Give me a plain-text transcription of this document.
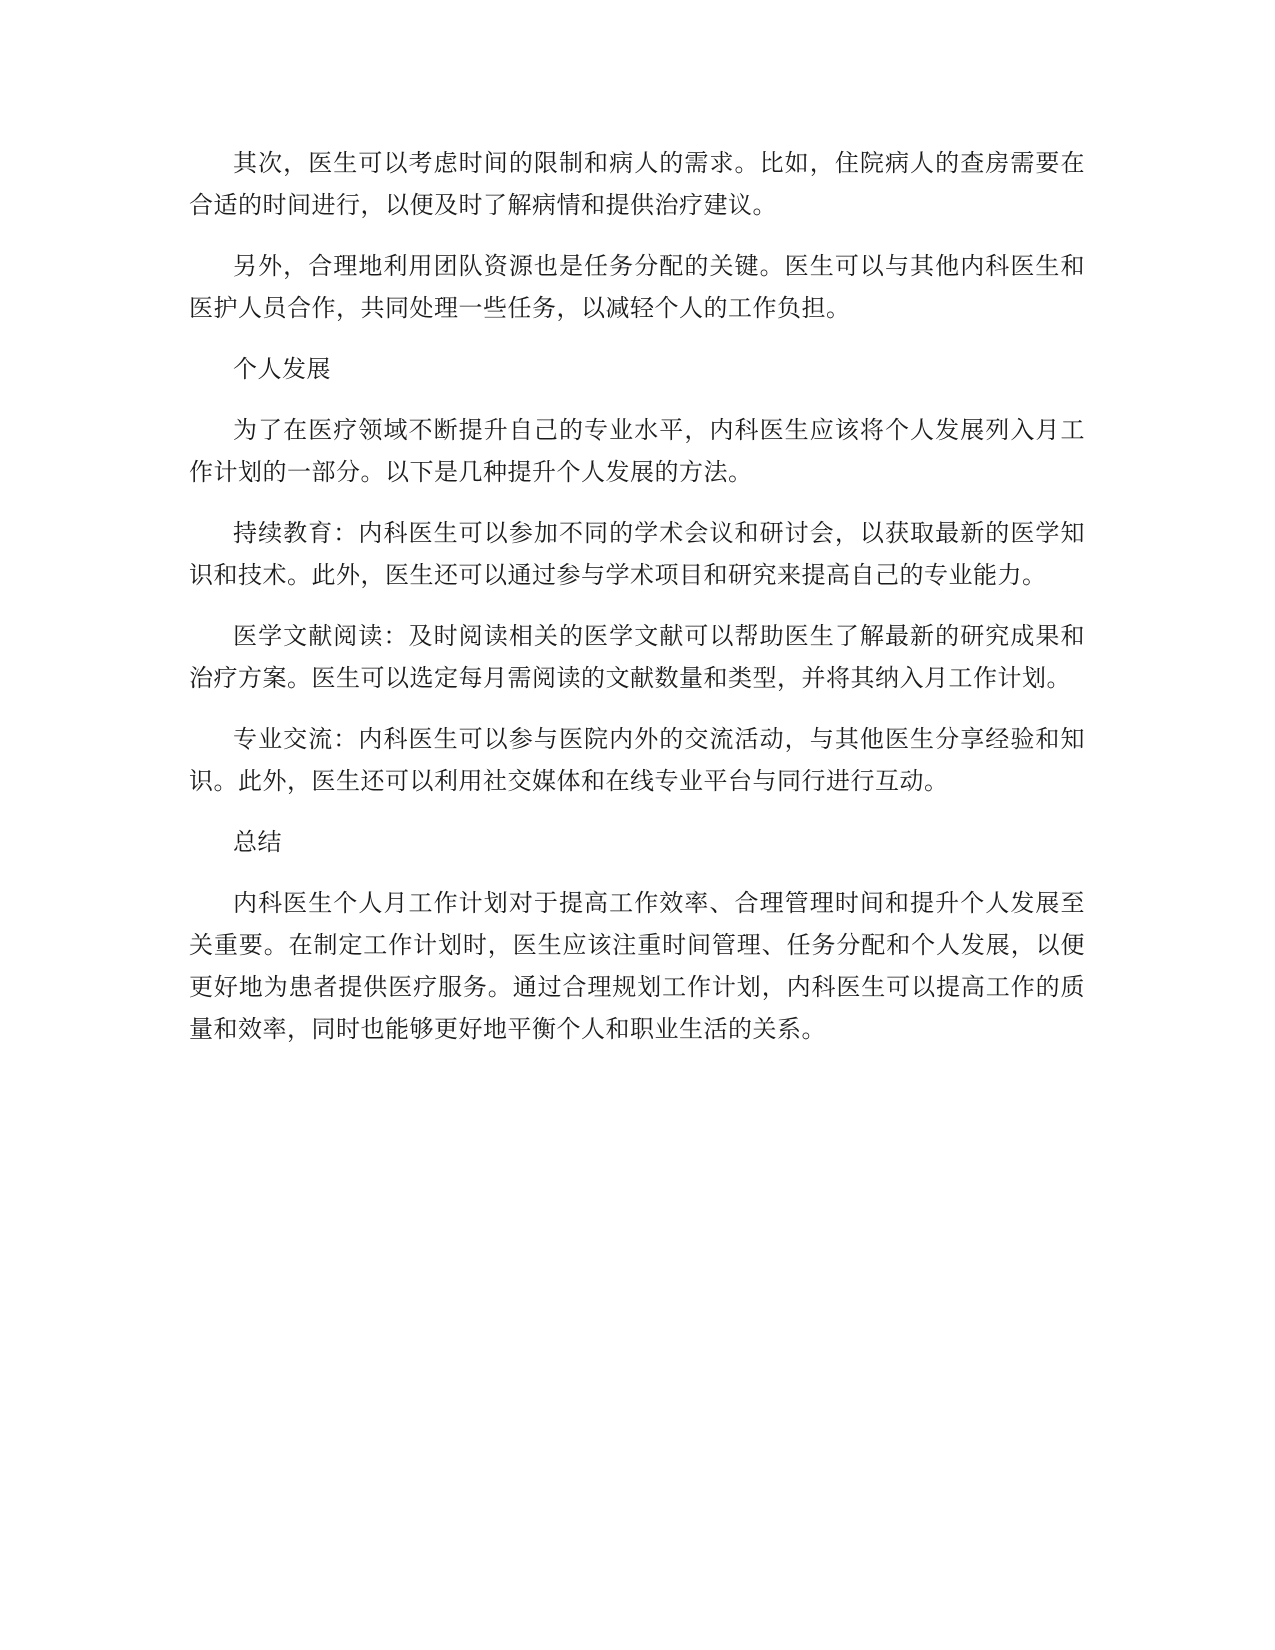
其次，医生可以考虑时间的限制和病人的需求。比如，住院病人的查房需要在合适的时间进行，以便及时了解病情和提供治疗建议。

另外，合理地利用团队资源也是任务分配的关键。医生可以与其他内科医生和医护人员合作，共同处理一些任务，以减轻个人的工作负担。

个人发展

为了在医疗领域不断提升自己的专业水平，内科医生应该将个人发展列入月工作计划的一部分。以下是几种提升个人发展的方法。

持续教育：内科医生可以参加不同的学术会议和研讨会，以获取最新的医学知识和技术。此外，医生还可以通过参与学术项目和研究来提高自己的专业能力。

医学文献阅读：及时阅读相关的医学文献可以帮助医生了解最新的研究成果和治疗方案。医生可以选定每月需阅读的文献数量和类型，并将其纳入月工作计划。

专业交流：内科医生可以参与医院内外的交流活动，与其他医生分享经验和知识。此外，医生还可以利用社交媒体和在线专业平台与同行进行互动。

总结

内科医生个人月工作计划对于提高工作效率、合理管理时间和提升个人发展至关重要。在制定工作计划时，医生应该注重时间管理、任务分配和个人发展，以便更好地为患者提供医疗服务。通过合理规划工作计划，内科医生可以提高工作的质量和效率，同时也能够更好地平衡个人和职业生活的关系。
